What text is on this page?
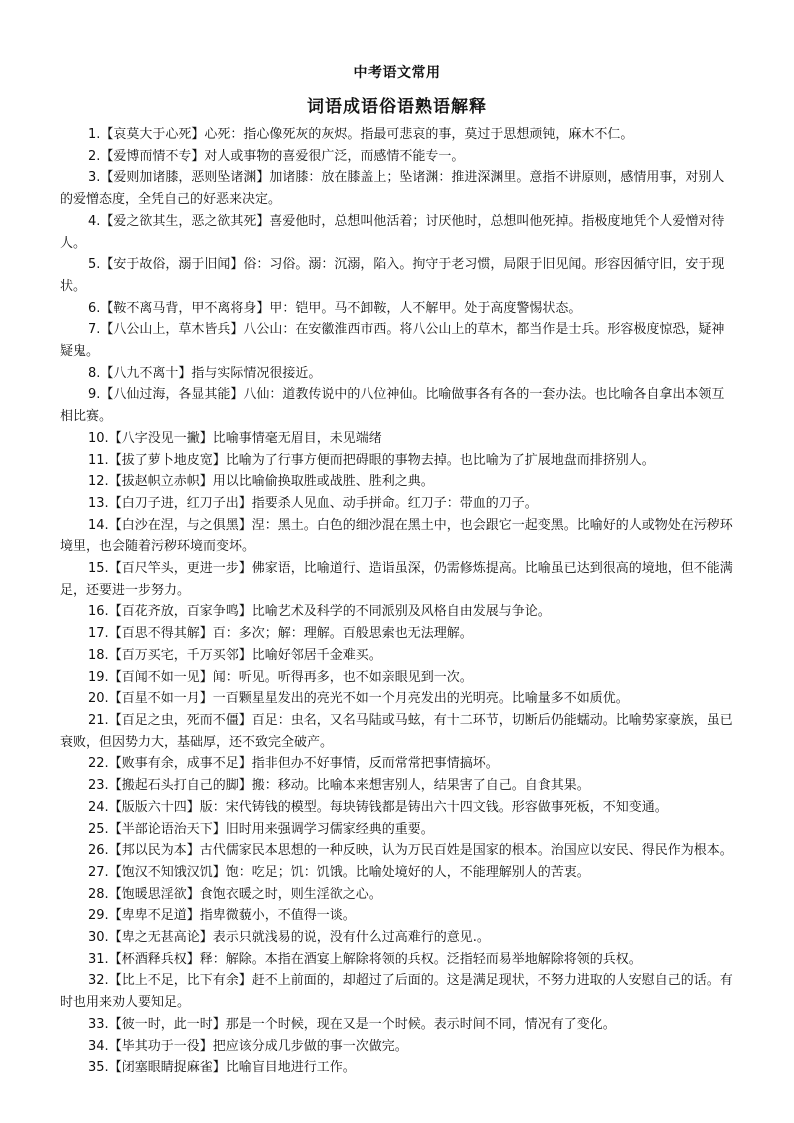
中考语文常用
词语成语俗语熟语解释

1.【哀莫大于心死】心死：指心像死灰的灰烬。指最可悲哀的事，莫过于思想顽钝，麻木不仁。

2.【爱博而情不专】对人或事物的喜爱很广泛，而感情不能专一。

3.【爱则加诸膝，恶则坠诸渊】加诸膝：放在膝盖上；坠诸渊：推进深渊里。意指不讲原则，感情用事，对别人的爱憎态度，全凭自己的好恶来决定。

4.【爱之欲其生，恶之欲其死】喜爱他时，总想叫他活着；讨厌他时，总想叫他死掉。指极度地凭个人爱憎对待人。

5.【安于故俗，溺于旧闻】俗：习俗。溺：沉溺，陷入。拘守于老习惯，局限于旧见闻。形容因循守旧，安于现状。

6.【鞍不离马背，甲不离将身】甲：铠甲。马不卸鞍，人不解甲。处于高度警惕状态。

7.【八公山上，草木皆兵】八公山：在安徽淮西市西。将八公山上的草木，都当作是士兵。形容极度惊恐，疑神疑鬼。

8.【八九不离十】指与实际情况很接近。

9.【八仙过海，各显其能】八仙：道教传说中的八位神仙。比喻做事各有各的一套办法。也比喻各自拿出本领互相比赛。

10.【八字没见一撇】比喻事情毫无眉目，未见端绪

11.【拔了萝卜地皮宽】比喻为了行事方便而把碍眼的事物去掉。也比喻为了扩展地盘而排挤别人。

12.【拔赵帜立赤帜】用以比喻偷换取胜或战胜、胜利之典。

13.【白刀子进，红刀子出】指要杀人见血、动手拼命。红刀子：带血的刀子。

14.【白沙在涅，与之俱黑】涅：黑土。白色的细沙混在黑土中，也会跟它一起变黑。比喻好的人或物处在污秽环境里，也会随着污秽环境而变坏。

15.【百尺竿头，更进一步】佛家语，比喻道行、造诣虽深，仍需修炼提高。比喻虽已达到很高的境地，但不能满足，还要进一步努力。

16.【百花齐放，百家争鸣】比喻艺术及科学的不同派别及风格自由发展与争论。

17.【百思不得其解】百：多次；解：理解。百般思索也无法理解。

18.【百万买宅，千万买邻】比喻好邻居千金难买。

19.【百闻不如一见】闻：听见。听得再多，也不如亲眼见到一次。

20.【百星不如一月】一百颗星星发出的亮光不如一个月亮发出的光明亮。比喻量多不如质优。

21.【百足之虫，死而不僵】百足：虫名，又名马陆或马蚿，有十二环节，切断后仍能蠕动。比喻势家豪族，虽已衰败，但因势力大，基础厚，还不致完全破产。

22.【败事有余，成事不足】指非但办不好事情，反而常常把事情搞坏。

23.【搬起石头打自己的脚】搬：移动。比喻本来想害别人，结果害了自己。自食其果。

24.【版版六十四】版：宋代铸钱的模型。每块铸钱都是铸出六十四文钱。形容做事死板，不知变通。

25.【半部论语治天下】旧时用来强调学习儒家经典的重要。

26.【邦以民为本】古代儒家民本思想的一种反映，认为万民百姓是国家的根本。治国应以安民、得民作为根本。

27.【饱汉不知饿汉饥】饱：吃足；饥：饥饿。比喻处境好的人，不能理解别人的苦衷。

28.【饱暖思淫欲】食饱衣暖之时，则生淫欲之心。

29.【卑卑不足道】指卑微藐小，不值得一谈。

30.【卑之无甚高论】表示只就浅易的说，没有什么过高难行的意见.。

31.【杯酒释兵权】释：解除。本指在酒宴上解除将领的兵权。泛指轻而易举地解除将领的兵权。

32.【比上不足，比下有余】赶不上前面的，却超过了后面的。这是满足现状，不努力进取的人安慰自己的话。有时也用来劝人要知足。

33.【彼一时，此一时】那是一个时候，现在又是一个时候。表示时间不同，情况有了变化。

34.【毕其功于一役】把应该分成几步做的事一次做完。

35.【闭塞眼睛捉麻雀】比喻盲目地进行工作。
